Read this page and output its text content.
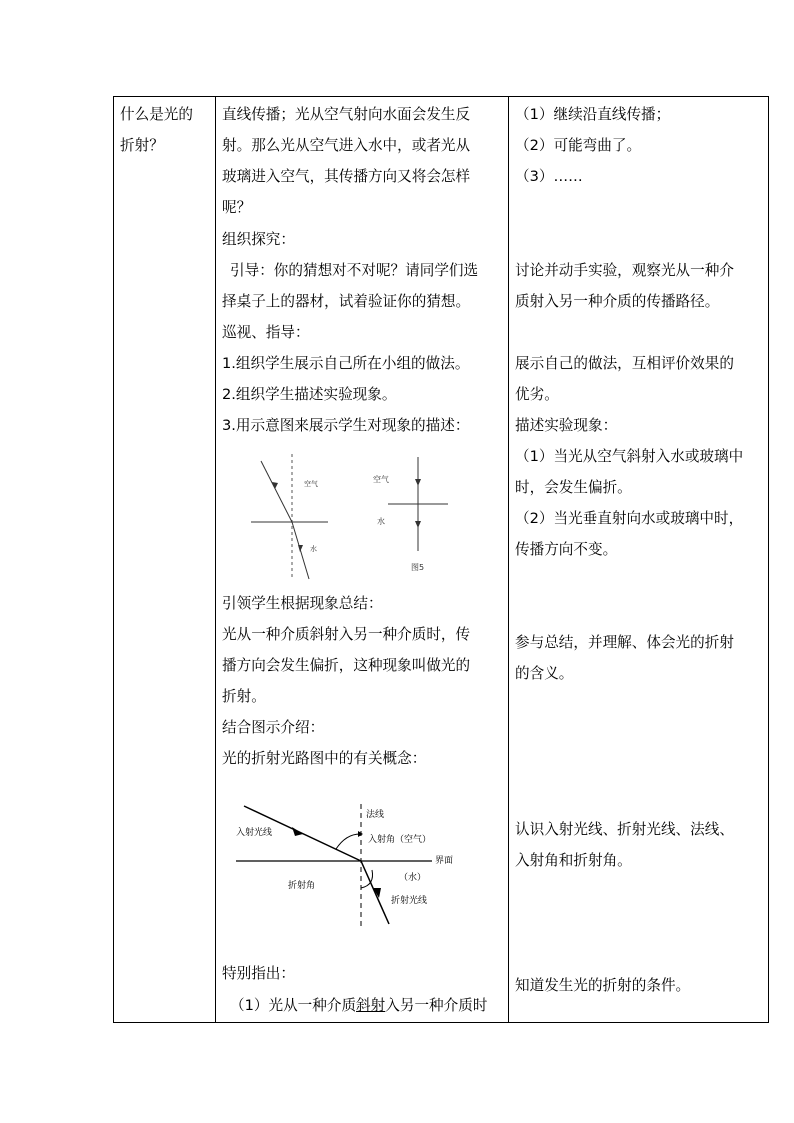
什么是光的
折射？
直线传播；光从空气射向水面会发生反
射。那么光从空气进入水中，或者光从
玻璃进入空气，其传播方向又将会怎样
呢？
组织探究：
引导：你的猜想对不对呢？请同学们选
择桌子上的器材，试着验证你的猜想。
巡视、指导：
1.组织学生展示自己所在小组的做法。
2.组织学生描述实验现象。
3.用示意图来展示学生对现象的描述：
空气
水
空气
水
图5
引领学生根据现象总结：
光从一种介质斜射入另一种介质时，传
播方向会发生偏折，这种现象叫做光的
折射。
结合图示介绍：
光的折射光路图中的有关概念：
法线
入射光线
入射角（空气）
界面
（水）
折射角
折射光线
特别指出：
（1）光从一种介质斜射入另一种介质时
（1）继续沿直线传播；
（2）可能弯曲了。
（3）……
讨论并动手实验，观察光从一种介
质射入另一种介质的传播路径。
展示自己的做法，互相评价效果的
优劣。
描述实验现象：
（1）当光从空气斜射入水或玻璃中
时，会发生偏折。
（2）当光垂直射向水或玻璃中时，
传播方向不变。
参与总结，并理解、体会光的折射
的含义。
认识入射光线、折射光线、法线、
入射角和折射角。
知道发生光的折射的条件。
